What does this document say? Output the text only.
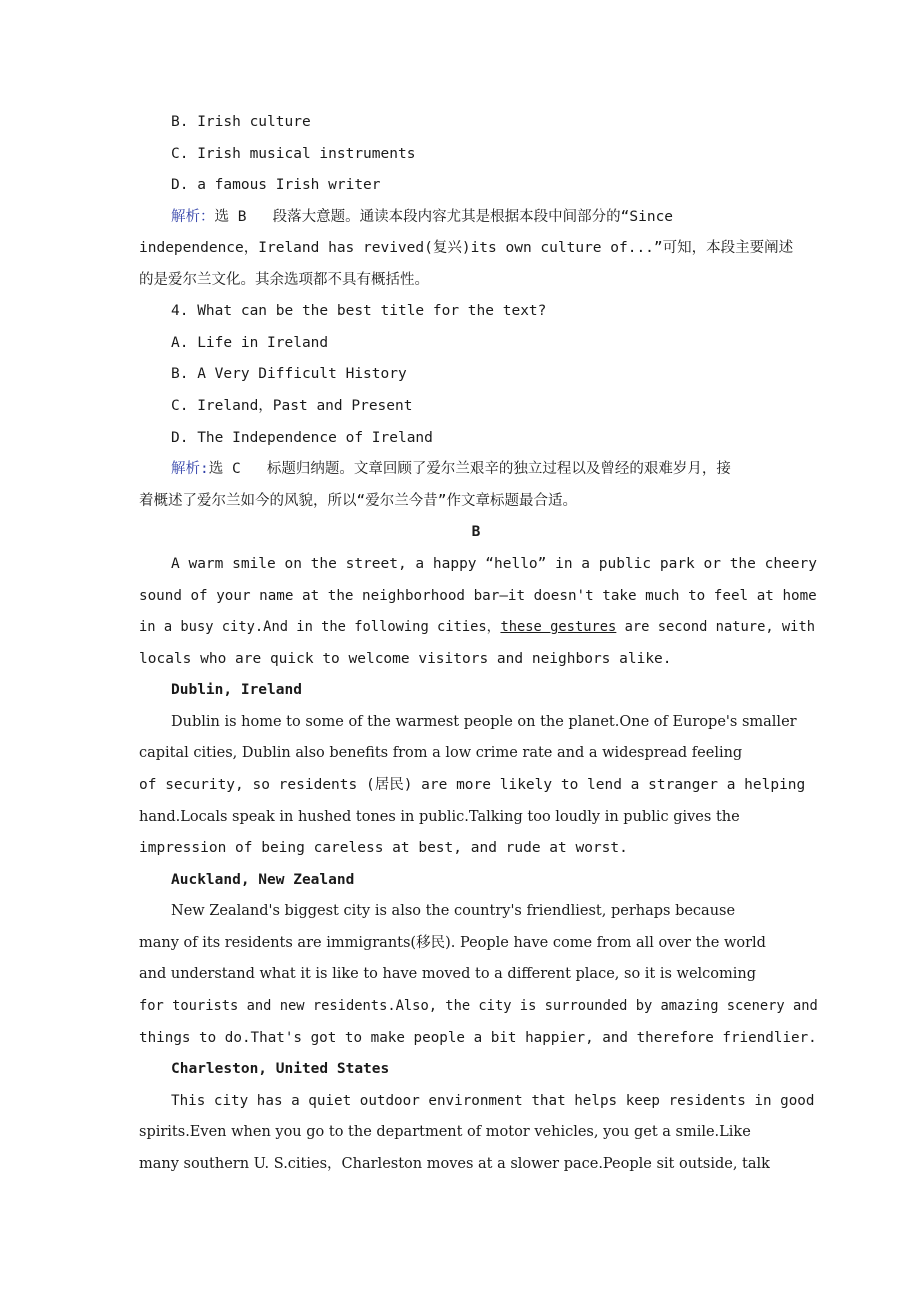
B. Irish culture
C. Irish musical instruments
D. a famous Irish writer
解析：选 B   段落大意题。通读本段内容尤其是根据本段中间部分的“Since
independence，Ireland has revived(复兴)its own culture of...”可知，本段主要阐述
的是爱尔兰文化。其余选项都不具有概括性。
4. What can be the best title for the text?
A. Life in Ireland
B. A Very Difficult History
C. Ireland，Past and Present
D. The Independence of Ireland
解析:选 C   标题归纳题。文章回顾了爱尔兰艰辛的独立过程以及曾经的艰难岁月，接
着概述了爱尔兰如今的风貌，所以“爱尔兰今昔”作文章标题最合适。
B
A warm smile on the street, a happy “hello” in a public park or the cheery
sound of your name at the neighborhood bar—it doesn't take much to feel at home
in a busy city.And in the following cities，these gestures are second nature, with
locals who are quick to welcome visitors and neighbors alike.
Dublin, Ireland
Dublin is home to some of the warmest people on the planet.One of Europe's smaller
capital cities, Dublin also benefits from a low crime rate and a widespread feeling
of security, so residents (居民) are more likely to lend a stranger a helping
hand.Locals speak in hushed tones in public.Talking too loudly in public gives the
impression of being careless at best, and rude at worst.
Auckland, New Zealand
New Zealand's biggest city is also the country's friendliest, perhaps because
many of its residents are immigrants(移民). People have come from all over the world
and understand what it is like to have moved to a different place, so it is welcoming
for tourists and new residents.Also, the city is surrounded by amazing scenery and
things to do.That's got to make people a bit happier, and therefore friendlier.
Charleston, United States
This city has a quiet outdoor environment that helps keep residents in good
spirits.Even when you go to the department of motor vehicles, you get a smile.Like
many southern U. S.cities，Charleston moves at a slower pace.People sit outside, talk
